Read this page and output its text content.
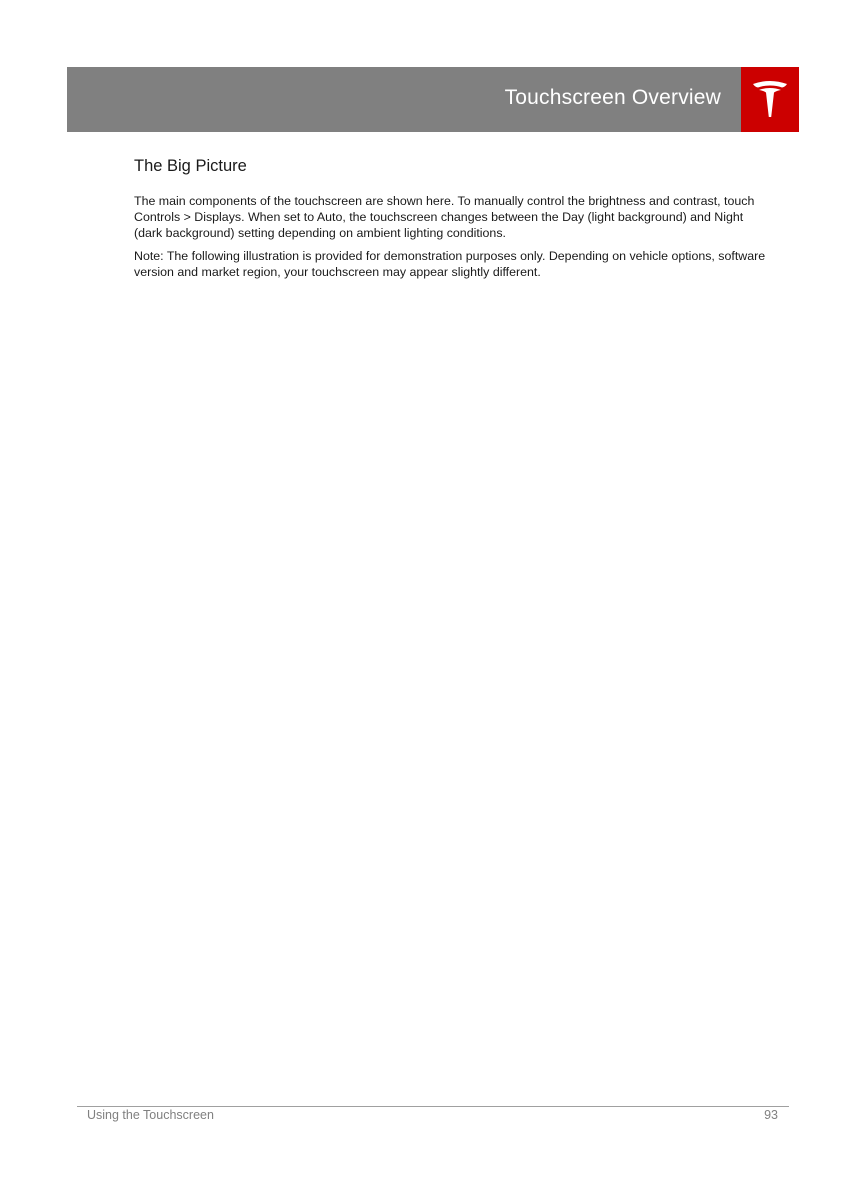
Touchscreen Overview
The Big Picture

The main components of the touchscreen are shown here. To manually control the brightness and contrast, touch Controls > Displays. When set to Auto, the touchscreen changes between the Day (light background) and Night (dark background) setting depending on ambient lighting conditions.

Note: The following illustration is provided for demonstration purposes only. Depending on vehicle options, software version and market region, your touchscreen may appear slightly different.

Using the Touchscreen	93
